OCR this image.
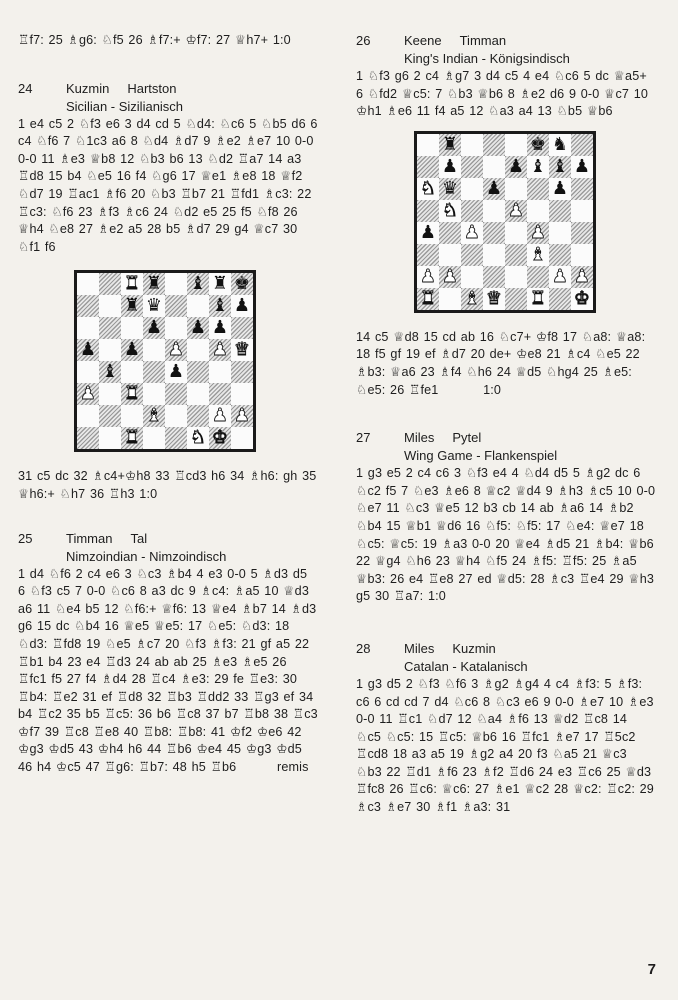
♖f7: 25 ♗g6: ♘f5 26 ♗f7:+ ♔f7: 27 ♕h7+ 1:0

24	Kuzmin Hartston
Sicilian - Sizilianisch

1 e4 c5 2 ♘f3 e6 3 d4 cd 5 ♘d4: ♘c6 5 ♘b5 d6 6 c4 ♘f6 7 ♘1c3 a6 8 ♘d4 ♗d7 9 ♗e2 ♗e7 10 0-0 0-0 11 ♗e3 ♕b8 12 ♘b3 b6 13 ♘d2 ♖a7 14 a3 ♖d8 15 b4 ♘e5 16 f4 ♘g6 17 ♕e1 ♗e8 18 ♕f2 ♘d7 19 ♖ac1 ♗f6 20 ♘b3 ♖b7 21 ♖fd1 ♗c3: 22 ♖c3: ♘f6 23 ♗f3 ♗c6 24 ♘d2 e5 25 f5 ♘f8 26 ♕h4 ♘e8 27 ♗e2 a5 28 b5 ♗d7 29 g4 ♕c7 30 ♘f1 f6

♜ ♜ ♝ ♜ ♚
♜ ♛	♝ ♟
♟ ♟ ♟
♟ ♟ ♟ ♟ ♛
♝	♟
♟ ♜
♝	♟ ♟
♜	♞ ♚

31 c5 dc 32 ♗c4+♔h8 33 ♖cd3 h6 34 ♗h6: gh 35 ♕h6:+ ♘h7 36 ♖h3 1:0

25	Timman Tal
Nimzoindian - Nimzoindisch

1 d4 ♘f6 2 c4 e6 3 ♘c3 ♗b4 4 e3 0-0 5 ♗d3 d5 6 ♘f3 c5 7 0-0 ♘c6 8 a3 dc 9 ♗c4: ♗a5 10 ♕d3 a6 11 ♘e4 b5 12 ♘f6:+ ♕f6: 13 ♕e4 ♗b7 14 ♗d3 g6 15 dc ♘b4 16 ♕e5 ♕e5: 17 ♘e5: ♘d3: 18 ♘d3: ♖fd8 19 ♘e5 ♗c7 20 ♘f3 ♗f3: 21 gf a5 22 ♖b1 b4 23 e4 ♖d3 24 ab ab 25 ♗e3 ♗e5 26 ♖fc1 f5 27 f4 ♗d4 28 ♖c4 ♗e3: 29 fe ♖e3: 30 ♖b4: ♖e2 31 ef ♖d8 32 ♖b3 ♖dd2 33 ♖g3 ef 34 b4 ♖c2 35 b5 ♖c5: 36 b6 ♖c8 37 b7 ♖b8 38 ♖c3 ♔f7 39 ♖c8 ♖e8 40 ♖b8: ♖b8: 41 ♔f2 ♔e6 42 ♔g3 ♔d5 43 ♔h4 h6 44 ♖b6 ♔e4 45 ♔g3 ♔d5 46 h4 ♔c5 47 ♖g6: ♖b7: 48 h5 ♖b6	remis

26	Keene Timman
King's Indian - Königsindisch

1 ♘f3 g6 2 c4 ♗g7 3 d4 c5 4 e4 ♘c6 5 dc ♕a5+ 6 ♘fd2 ♕c5: 7 ♘b3 ♕b6 8 ♗e2 d6 9 0-0 ♕c7 10 ♔h1 ♗e6 11 f4 a5 12 ♘a3 a4 13 ♘b5 ♕b6

♜	♚ ♞
♟	♟ ♝ ♝ ♟
♞ ♛ ♟	♟
♞	♟
♟ ♟	♟
♝
♟ ♟	♟ ♟
♜ ♝ ♛ ♜ ♚

14 c5 ♕d8 15 cd ab 16 ♘c7+ ♔f8 17 ♘a8: ♕a8: 18 f5 gf 19 ef ♗d7 20 de+ ♔e8 21 ♗c4 ♘e5 22 ♗b3: ♕a6 23 ♗f4 ♘h6 24 ♕d5 ♘hg4 25 ♗e5: ♘e5: 26 ♖fe1	1:0

27	Miles Pytel
Wing Game - Flankenspiel

1 g3 e5 2 c4 c6 3 ♘f3 e4 4 ♘d4 d5 5 ♗g2 dc 6 ♘c2 f5 7 ♘e3 ♗e6 8 ♕c2 ♕d4 9 ♗h3 ♗c5 10 0-0 ♘e7 11 ♘c3 ♕e5 12 b3 cb 14 ab ♗a6 14 ♗b2 ♘b4 15 ♕b1 ♕d6 16 ♘f5: ♘f5: 17 ♘e4: ♕e7 18 ♘c5: ♕c5: 19 ♗a3 0-0 20 ♕e4 ♗d5 21 ♗b4: ♕b6 22 ♕g4 ♘h6 23 ♕h4 ♘f5 24 ♗f5: ♖f5: 25 ♗a5 ♕b3: 26 e4 ♖e8 27 ed ♕d5: 28 ♗c3 ♖e4 29 ♕h3 g5 30 ♖a7: 1:0

28	Miles Kuzmin
Catalan - Katalanisch

1 g3 d5 2 ♘f3 ♘f6 3 ♗g2 ♗g4 4 c4 ♗f3: 5 ♗f3: c6 6 cd cd 7 d4 ♘c6 8 ♘c3 e6 9 0-0 ♗e7 10 ♗e3 0-0 11 ♖c1 ♘d7 12 ♘a4 ♗f6 13 ♕d2 ♖c8 14 ♘c5 ♘c5: 15 ♖c5: ♕b6 16 ♖fc1 ♗e7 17 ♖5c2 ♖cd8 18 a3 a5 19 ♗g2 a4 20 f3 ♘a5 21 ♕c3 ♘b3 22 ♖d1 ♗f6 23 ♗f2 ♖d6 24 e3 ♖c6 25 ♕d3 ♖fc8 26 ♖c6: ♕c6: 27 ♗e1 ♕c2 28 ♕c2: ♖c2: 29 ♗c3 ♗e7 30 ♗f1 ♗a3: 31

7
